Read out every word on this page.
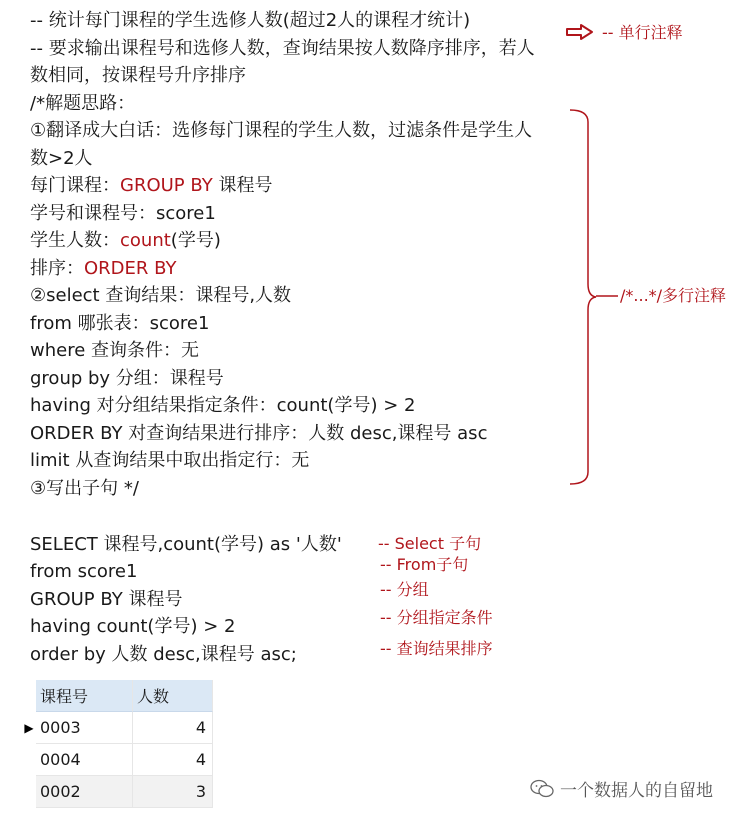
-- 统计每门课程的学生选修人数(超过2人的课程才统计)
-- 要求输出课程号和选修人数，查询结果按人数降序排序，若人
数相同，按课程号升序排序
/*解题思路：
①翻译成大白话：选修每门课程的学生人数，过滤条件是学生人
数>2人
每门课程：GROUP BY 课程号
学号和课程号：score1
学生人数：count(学号)
排序：ORDER BY
②select 查询结果：课程号,人数
from 哪张表：score1
where 查询条件：无
group by 分组：课程号
having 对分组结果指定条件：count(学号) > 2
ORDER BY 对查询结果进行排序：人数 desc,课程号 asc
limit 从查询结果中取出指定行：无
③写出子句 */
SELECT 课程号,count(学号) as '人数'
from score1
GROUP BY 课程号
having count(学号) > 2
order by 人数 desc,课程号 asc;
-- 单行注释
/*...*/多行注释
-- Select 子句
-- From子句
-- 分组
-- 分组指定条件
-- 查询结果排序
课程号	人数
▶ 0003	4
0004	4
0002	3	一个数据人的自留地
